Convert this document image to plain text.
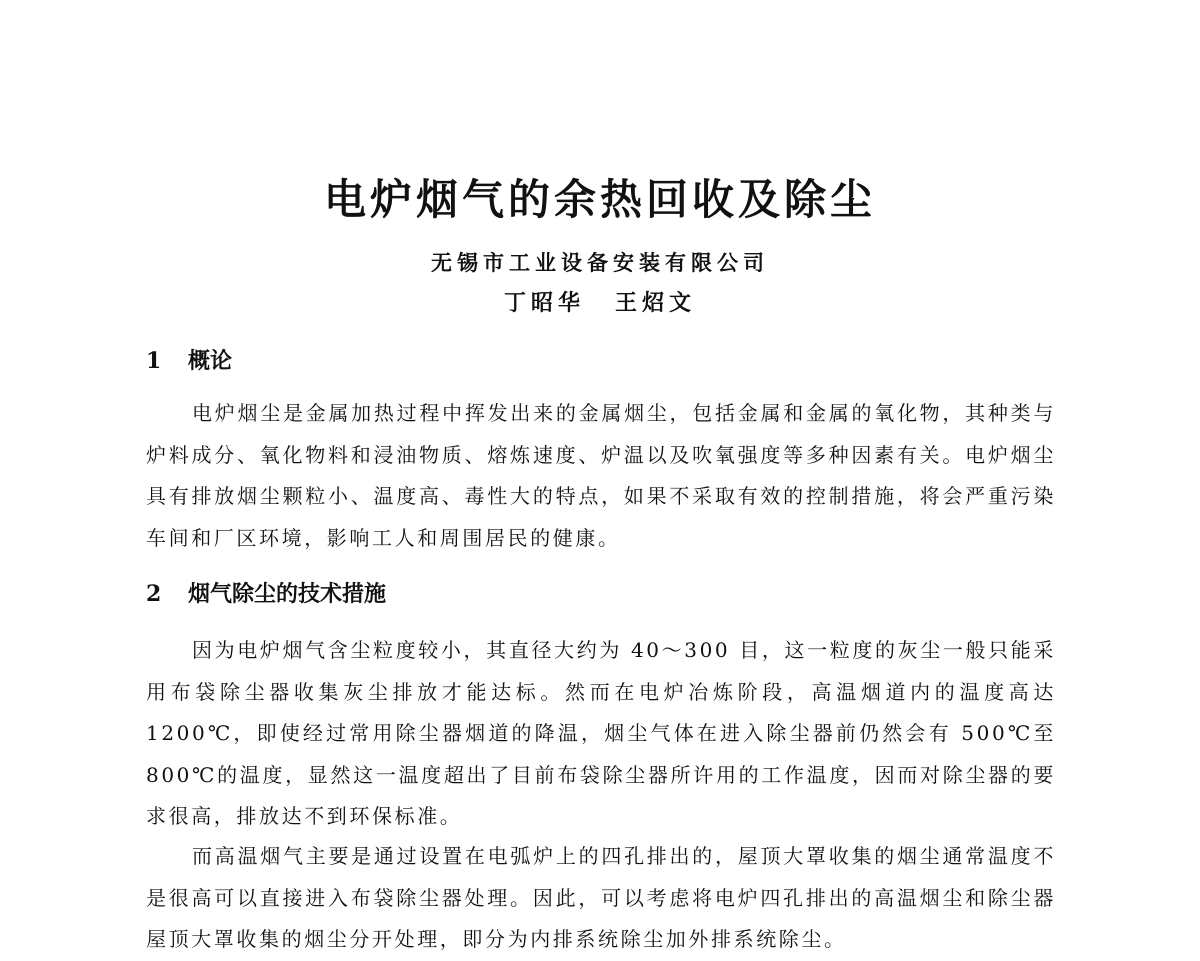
电炉烟气的余热回收及除尘
无锡市工业设备安装有限公司
丁昭华 王炤文
1 概论

电炉烟尘是金属加热过程中挥发出来的金属烟尘，包括金属和金属的氧化物，其种类与炉料成分、氧化物料和浸油物质、熔炼速度、炉温以及吹氧强度等多种因素有关。电炉烟尘具有排放烟尘颗粒小、温度高、毒性大的特点，如果不采取有效的控制措施，将会严重污染车间和厂区环境，影响工人和周围居民的健康。

2 烟气除尘的技术措施

因为电炉烟气含尘粒度较小，其直径大约为 40～300 目，这一粒度的灰尘一般只能采用布袋除尘器收集灰尘排放才能达标。然而在电炉冶炼阶段，高温烟道内的温度高达 1200℃，即使经过常用除尘器烟道的降温，烟尘气体在进入除尘器前仍然会有 500℃至 800℃的温度，显然这一温度超出了目前布袋除尘器所许用的工作温度，因而对除尘器的要求很高，排放达不到环保标准。

而高温烟气主要是通过设置在电弧炉上的四孔排出的，屋顶大罩收集的烟尘通常温度不是很高可以直接进入布袋除尘器处理。因此，可以考虑将电炉四孔排出的高温烟尘和除尘器屋顶大罩收集的烟尘分开处理，即分为内排系统除尘加外排系统除尘。
